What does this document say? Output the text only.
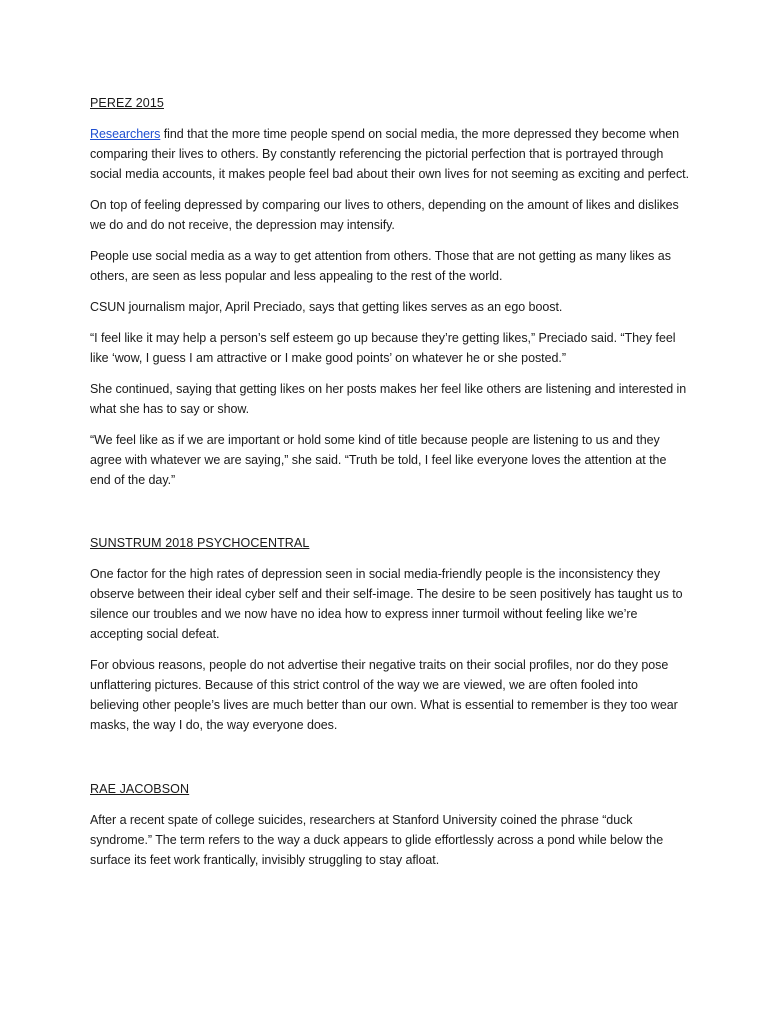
PEREZ 2015

Researchers find that the more time people spend on social media, the more depressed they become when comparing their lives to others. By constantly referencing the pictorial perfection that is portrayed through social media accounts, it makes people feel bad about their own lives for not seeming as exciting and perfect.

On top of feeling depressed by comparing our lives to others, depending on the amount of likes and dislikes we do and do not receive, the depression may intensify.

People use social media as a way to get attention from others. Those that are not getting as many likes as others, are seen as less popular and less appealing to the rest of the world.

CSUN journalism major, April Preciado, says that getting likes serves as an ego boost.

“I feel like it may help a person’s self esteem go up because they’re getting likes,” Preciado said. “They feel like ‘wow, I guess I am attractive or I make good points’ on whatever he or she posted.”

She continued, saying that getting likes on her posts makes her feel like others are listening and interested in what she has to say or show.

“We feel like as if we are important or hold some kind of title because people are listening to us and they agree with whatever we are saying,” she said. “Truth be told, I feel like everyone loves the attention at the end of the day.”

SUNSTRUM 2018 PSYCHOCENTRAL

One factor for the high rates of depression seen in social media-friendly people is the inconsistency they observe between their ideal cyber self and their self-image. The desire to be seen positively has taught us to silence our troubles and we now have no idea how to express inner turmoil without feeling like we’re accepting social defeat.

For obvious reasons, people do not advertise their negative traits on their social profiles, nor do they pose unflattering pictures. Because of this strict control of the way we are viewed, we are often fooled into believing other people’s lives are much better than our own. What is essential to remember is they too wear masks, the way I do, the way everyone does.

RAE JACOBSON

After a recent spate of college suicides, researchers at Stanford University coined the phrase “duck syndrome.” The term refers to the way a duck appears to glide effortlessly across a pond while below the surface its feet work frantically, invisibly struggling to stay afloat.
